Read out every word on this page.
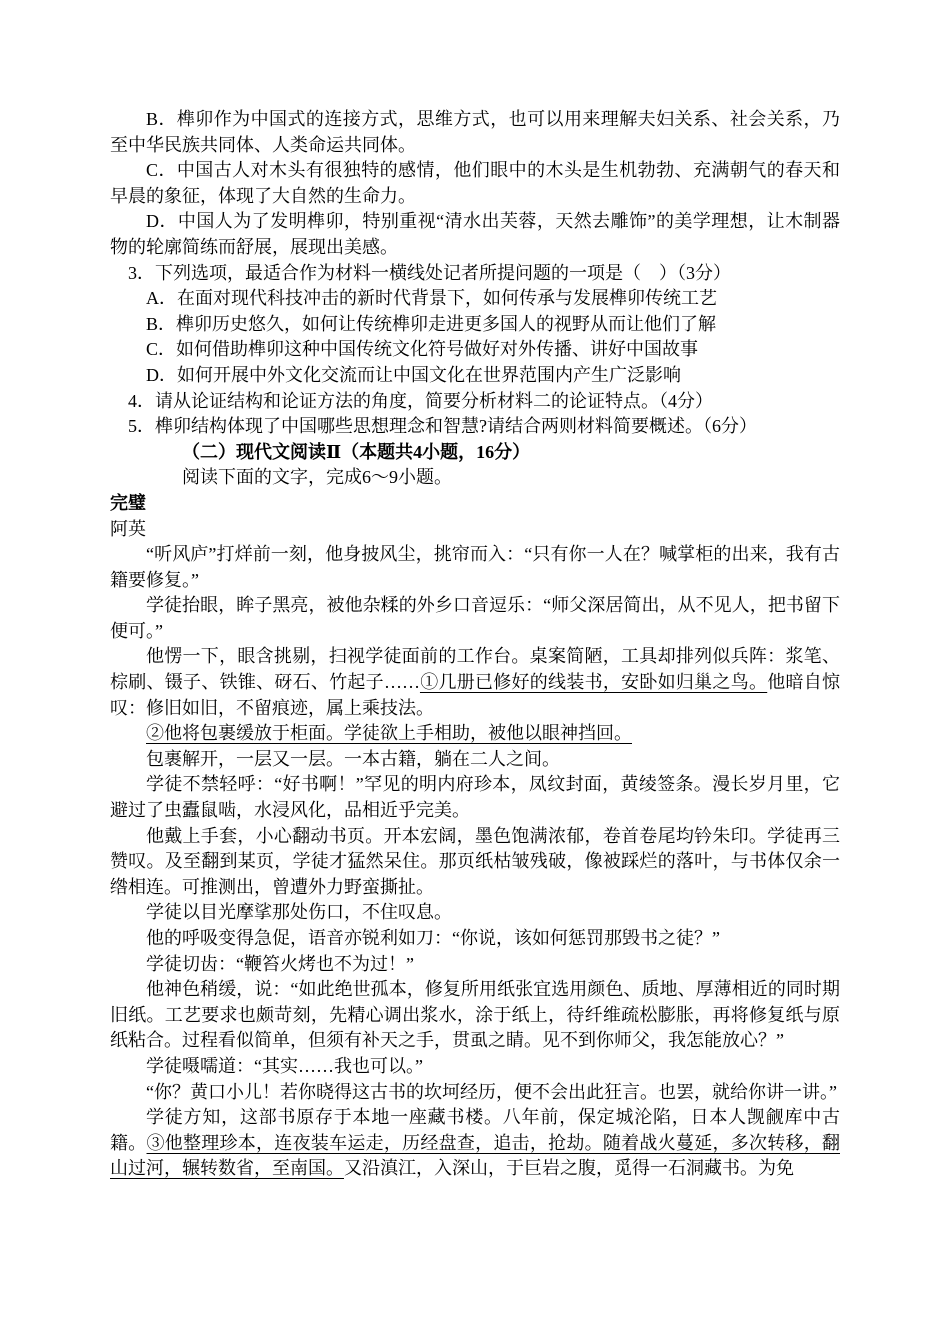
B．榫卯作为中国式的连接方式，思维方式，也可以用来理解夫妇关系、社会关系，乃至中华民族共同体、人类命运共同体。

C．中国古人对木头有很独特的感情，他们眼中的木头是生机勃勃、充满朝气的春天和早晨的象征，体现了大自然的生命力。

D．中国人为了发明榫卯，特别重视“清水出芙蓉，天然去雕饰”的美学理想，让木制器物的轮廓简练而舒展，展现出美感。

3．下列选项，最适合作为材料一横线处记者所提问题的一项是（　）（3分）

A．在面对现代科技冲击的新时代背景下，如何传承与发展榫卯传统工艺

B．榫卯历史悠久，如何让传统榫卯走进更多国人的视野从而让他们了解

C．如何借助榫卯这种中国传统文化符号做好对外传播、讲好中国故事

D．如何开展中外文化交流而让中国文化在世界范围内产生广泛影响

4．请从论证结构和论证方法的角度，简要分析材料二的论证特点。（4分）

5．榫卯结构体现了中国哪些思想理念和智慧?请结合两则材料简要概述。（6分）

（二）现代文阅读Ⅱ（本题共4小题，16分）

阅读下面的文字，完成6～9小题。

完璧

阿英

“听风庐”打烊前一刻，他身披风尘，挑帘而入：“只有你一人在？喊掌柜的出来，我有古籍要修复。”

学徒抬眼，眸子黑亮，被他杂糅的外乡口音逗乐：“师父深居简出，从不见人，把书留下便可。”

他愣一下，眼含挑剔，扫视学徒面前的工作台。桌案简陋，工具却排列似兵阵：浆笔、棕刷、镊子、铁锥、砑石、竹起子……①几册已修好的线装书，安卧如归巢之鸟。他暗自惊叹：修旧如旧，不留痕迹，属上乘技法。

②他将包裹缓放于柜面。学徒欲上手相助，被他以眼神挡回。

包裹解开，一层又一层。一本古籍，躺在二人之间。

学徒不禁轻呼：“好书啊！”罕见的明内府珍本，凤纹封面，黄绫签条。漫长岁月里，它避过了虫蠹鼠啮，水浸风化，品相近乎完美。

他戴上手套，小心翻动书页。开本宏阔，墨色饱满浓郁，卷首卷尾均钤朱印。学徒再三赞叹。及至翻到某页，学徒才猛然呆住。那页纸枯皱残破，像被踩烂的落叶，与书体仅余一绺相连。可推测出，曾遭外力野蛮撕扯。

学徒以目光摩挲那处伤口，不住叹息。

他的呼吸变得急促，语音亦锐利如刀：“你说，该如何惩罚那毁书之徒？”

学徒切齿：“鞭笞火烤也不为过！”

他神色稍缓，说：“如此绝世孤本，修复所用纸张宜选用颜色、质地、厚薄相近的同时期旧纸。工艺要求也颇苛刻，先精心调出浆水，涂于纸上，待纤维疏松膨胀，再将修复纸与原纸粘合。过程看似简单，但须有补天之手，贯虱之睛。见不到你师父，我怎能放心？”

学徒嗫嚅道：“其实……我也可以。”

“你？黄口小儿！若你晓得这古书的坎坷经历，便不会出此狂言。也罢，就给你讲一讲。”

学徒方知，这部书原存于本地一座藏书楼。八年前，保定城沦陷，日本人觊觎库中古籍。③他整理珍本，连夜装车运走，历经盘查，追击，抢劫。随着战火蔓延，多次转移，翻山过河，辗转数省，至南国。又沿滇江，入深山，于巨岩之腹，觅得一石洞藏书。为免
